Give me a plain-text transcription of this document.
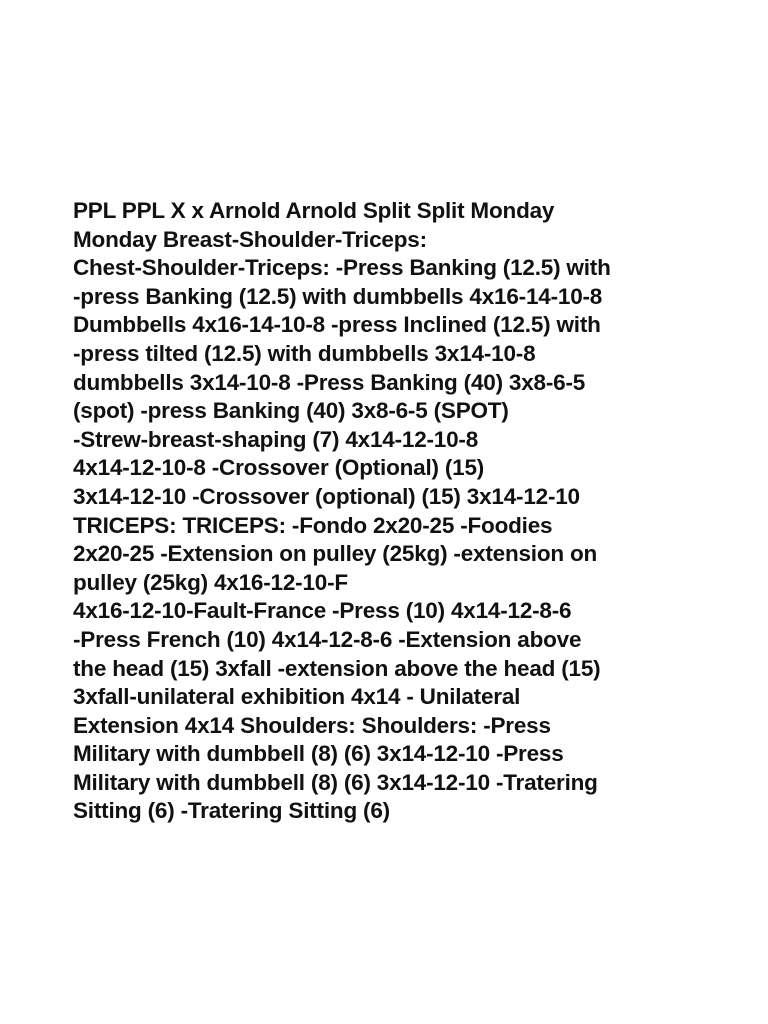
PPL PPL X x Arnold Arnold Split Split Monday
Monday Breast-Shoulder-Triceps:
Chest-Shoulder-Triceps: -Press Banking (12.5) with
-press Banking (12.5) with dumbbells 4x16-14-10-8
Dumbbells 4x16-14-10-8 -press Inclined (12.5) with
-press tilted (12.5) with dumbbells 3x14-10-8
dumbbells 3x14-10-8 -Press Banking (40) 3x8-6-5
(spot) -press Banking (40) 3x8-6-5 (SPOT)
-Strew-breast-shaping (7) 4x14-12-10-8
4x14-12-10-8 -Crossover (Optional) (15)
3x14-12-10 -Crossover (optional) (15) 3x14-12-10
TRICEPS: TRICEPS: -Fondo 2x20-25 -Foodies
2x20-25 -Extension on pulley (25kg) -extension on
pulley (25kg) 4x16-12-10-F
4x16-12-10-Fault-France -Press (10) 4x14-12-8-6
-Press French (10) 4x14-12-8-6 -Extension above
the head (15) 3xfall -extension above the head (15)
3xfall-unilateral exhibition 4x14 - Unilateral
Extension 4x14 Shoulders: Shoulders: -Press
Military with dumbbell (8) (6) 3x14-12-10 -Press
Military with dumbbell (8) (6) 3x14-12-10 -Tratering
Sitting (6) -Tratering Sitting (6)
